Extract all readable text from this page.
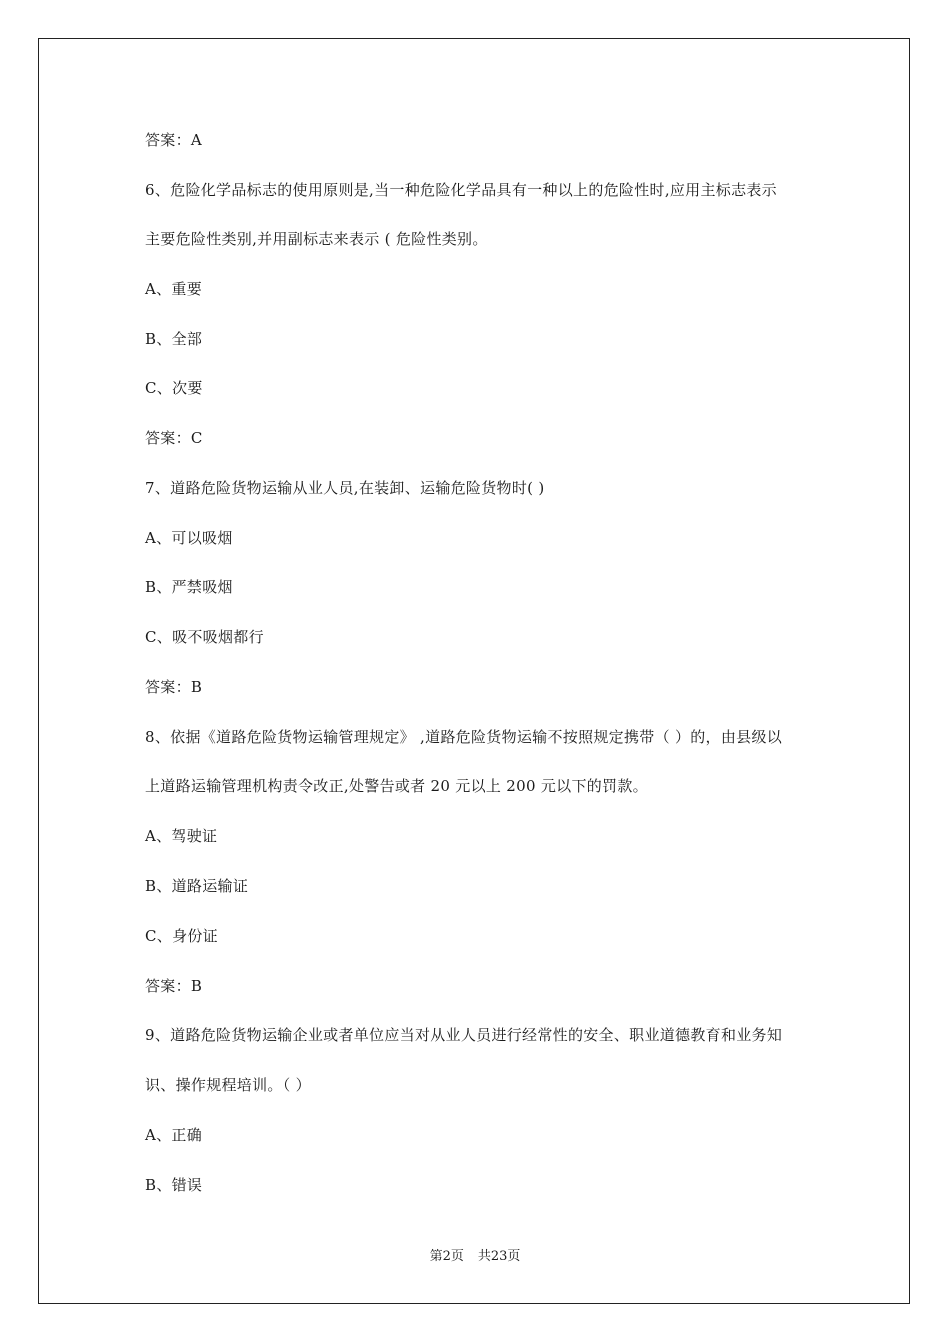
答案：A
6、危险化学品标志的使用原则是,当一种危险化学品具有一种以上的危险性时,应用主标志表示
主要危险性类别,并用副标志来表示 ( 危险性类别。
A、重要
B、全部
C、次要
答案：C
7、道路危险货物运输从业人员,在装卸、运输危险货物时( )
A、可以吸烟
B、严禁吸烟
C、吸不吸烟都行
答案：B
8、依据《道路危险货物运输管理规定》 ,道路危险货物运输不按照规定携带（ ）的，由县级以
上道路运输管理机构责令改正,处警告或者 20 元以上 200 元以下的罚款。
A、驾驶证
B、道路运输证
C、身份证
答案：B
9、道路危险货物运输企业或者单位应当对从业人员进行经常性的安全、职业道德教育和业务知
识、操作规程培训。（ ）
A、正确
B、错误
第2页 共23页
